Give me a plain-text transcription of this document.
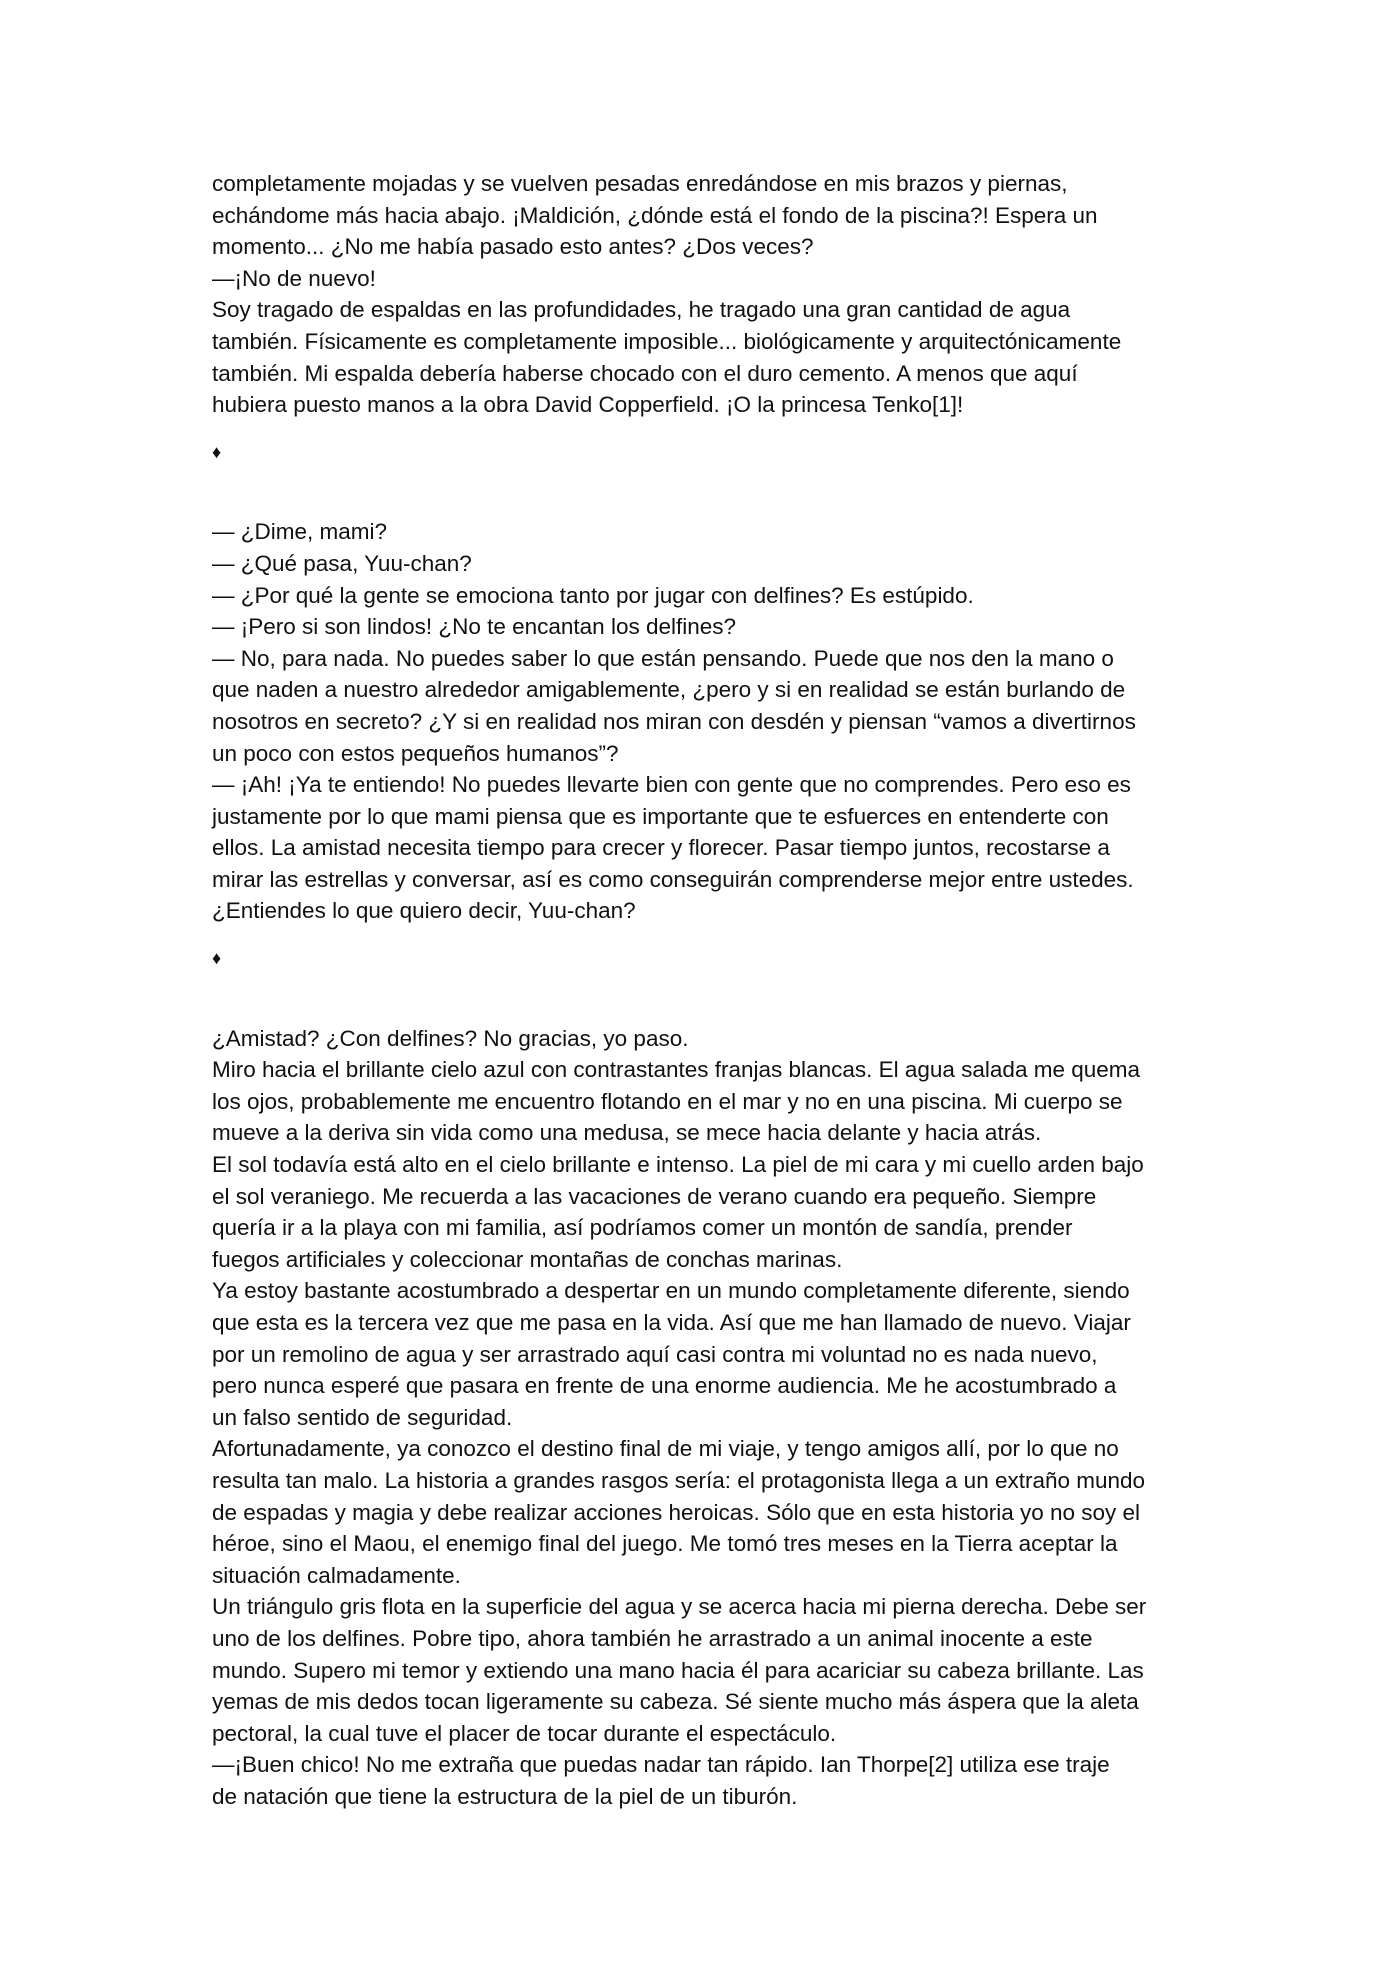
completamente mojadas y se vuelven pesadas enredándose en mis brazos y piernas,
echándome más hacia abajo. ¡Maldición, ¿dónde está el fondo de la piscina?! Espera un
momento... ¿No me había pasado esto antes? ¿Dos veces?
—¡No de nuevo!
Soy tragado de espaldas en las profundidades, he tragado una gran cantidad de agua
también. Físicamente es completamente imposible... biológicamente y arquitectónicamente
también. Mi espalda debería haberse chocado con el duro cemento. A menos que aquí
hubiera puesto manos a la obra David Copperfield. ¡O la princesa Tenko[1]!
♦
— ¿Dime, mami?
— ¿Qué pasa, Yuu-chan?
— ¿Por qué la gente se emociona tanto por jugar con delfines? Es estúpido.
— ¡Pero si son lindos! ¿No te encantan los delfines?
— No, para nada. No puedes saber lo que están pensando. Puede que nos den la mano o
que naden a nuestro alrededor amigablemente, ¿pero y si en realidad se están burlando de
nosotros en secreto? ¿Y si en realidad nos miran con desdén y piensan “vamos a divertirnos
un poco con estos pequeños humanos”?
— ¡Ah! ¡Ya te entiendo! No puedes llevarte bien con gente que no comprendes. Pero eso es
justamente por lo que mami piensa que es importante que te esfuerces en entenderte con
ellos. La amistad necesita tiempo para crecer y florecer. Pasar tiempo juntos, recostarse a
mirar las estrellas y conversar, así es como conseguirán comprenderse mejor entre ustedes.
¿Entiendes lo que quiero decir, Yuu-chan?
♦
¿Amistad? ¿Con delfines? No gracias, yo paso.
Miro hacia el brillante cielo azul con contrastantes franjas blancas. El agua salada me quema
los ojos, probablemente me encuentro flotando en el mar y no en una piscina. Mi cuerpo se
mueve a la deriva sin vida como una medusa, se mece hacia delante y hacia atrás.
El sol todavía está alto en el cielo brillante e intenso. La piel de mi cara y mi cuello arden bajo
el sol veraniego. Me recuerda a las vacaciones de verano cuando era pequeño. Siempre
quería ir a la playa con mi familia, así podríamos comer un montón de sandía, prender
fuegos artificiales y coleccionar montañas de conchas marinas.
Ya estoy bastante acostumbrado a despertar en un mundo completamente diferente, siendo
que esta es la tercera vez que me pasa en la vida. Así que me han llamado de nuevo. Viajar
por un remolino de agua y ser arrastrado aquí casi contra mi voluntad no es nada nuevo,
pero nunca esperé que pasara en frente de una enorme audiencia. Me he acostumbrado a
un falso sentido de seguridad.
Afortunadamente, ya conozco el destino final de mi viaje, y tengo amigos allí, por lo que no
resulta tan malo. La historia a grandes rasgos sería: el protagonista llega a un extraño mundo
de espadas y magia y debe realizar acciones heroicas. Sólo que en esta historia yo no soy el
héroe, sino el Maou, el enemigo final del juego. Me tomó tres meses en la Tierra aceptar la
situación calmadamente.
Un triángulo gris flota en la superficie del agua y se acerca hacia mi pierna derecha. Debe ser
uno de los delfines. Pobre tipo, ahora también he arrastrado a un animal inocente a este
mundo. Supero mi temor y extiendo una mano hacia él para acariciar su cabeza brillante. Las
yemas de mis dedos tocan ligeramente su cabeza. Sé siente mucho más áspera que la aleta
pectoral, la cual tuve el placer de tocar durante el espectáculo.
—¡Buen chico! No me extraña que puedas nadar tan rápido. Ian Thorpe[2] utiliza ese traje
de natación que tiene la estructura de la piel de un tiburón.
